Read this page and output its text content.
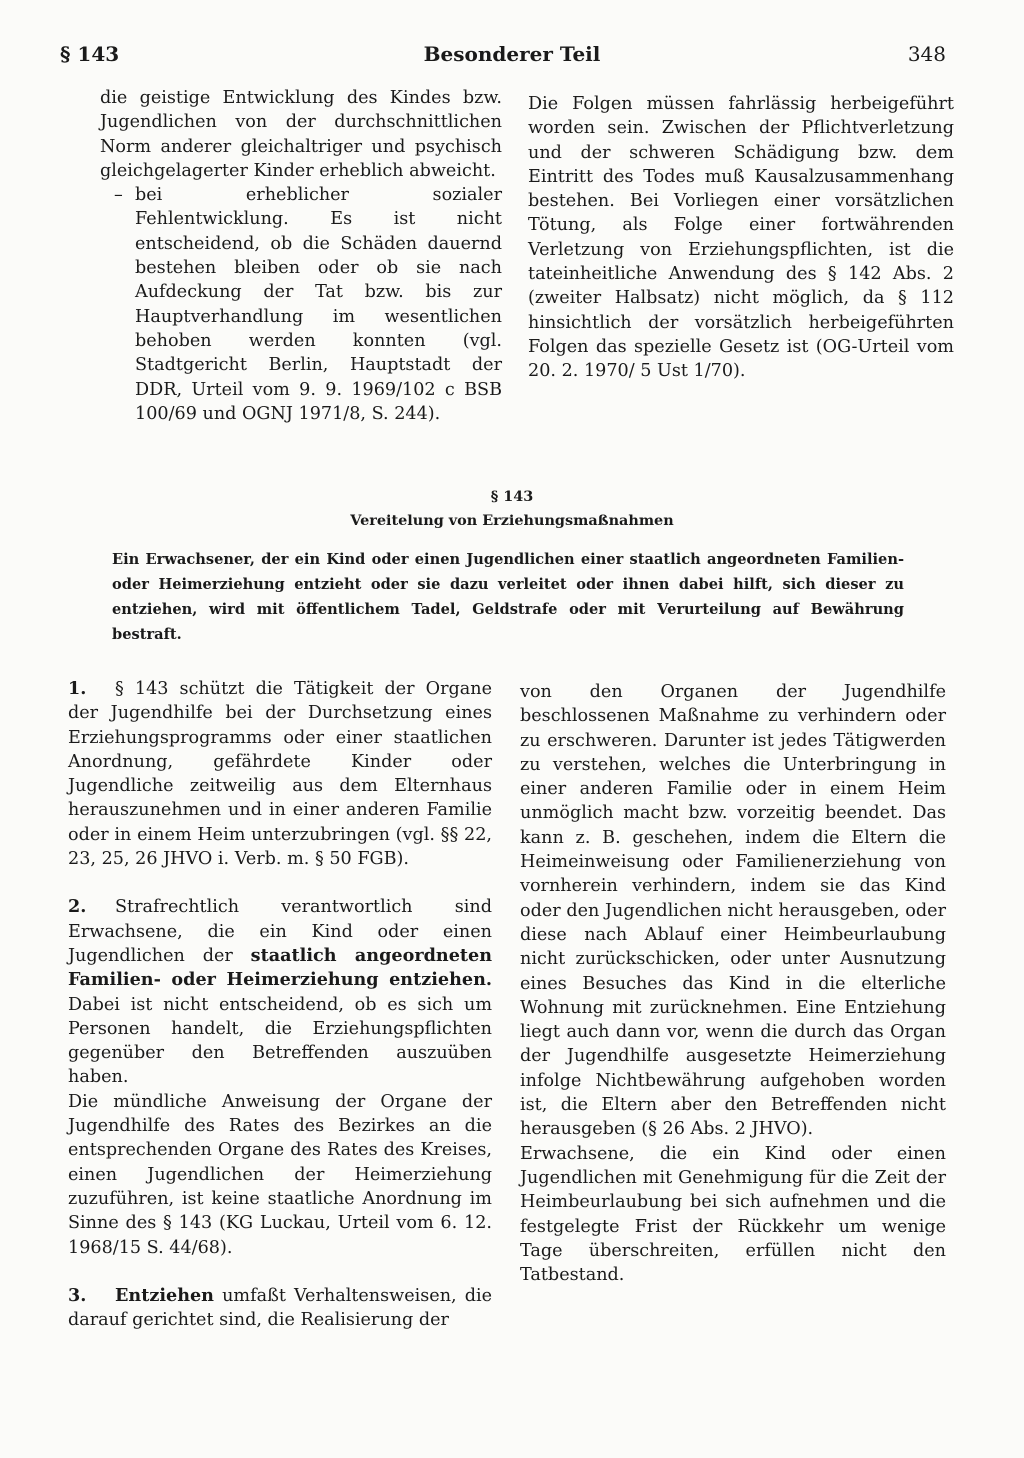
§ 143	Besonderer Teil	348

die geistige Entwicklung des Kindes bzw. Jugendlichen von der durchschnittlichen Norm anderer gleichaltriger und psychisch gleichgelagerter Kinder erheblich abweicht.

– bei erheblicher sozialer Fehlentwicklung. Es ist nicht entscheidend, ob die Schäden dauernd bestehen bleiben oder ob sie nach Aufdeckung der Tat bzw. bis zur Hauptverhandlung im wesentlichen behoben werden konnten (vgl. Stadtgericht Berlin, Hauptstadt der DDR, Urteil vom 9. 9. 1969/102 c BSB 100/69 und OGNJ 1971/8, S. 244).

Die Folgen müssen fahrlässig herbeigeführt worden sein. Zwischen der Pflichtverletzung und der schweren Schädigung bzw. dem Eintritt des Todes muß Kausalzusammenhang bestehen. Bei Vorliegen einer vorsätzlichen Tötung, als Folge einer fortwährenden Verletzung von Erziehungspflichten, ist die tateinheitliche Anwendung des § 142 Abs. 2 (zweiter Halbsatz) nicht möglich, da § 112 hinsichtlich der vorsätzlich herbeigeführten Folgen das spezielle Gesetz ist (OG-Urteil vom 20. 2. 1970/ 5 Ust 1/70).

§ 143
Vereitelung von Erziehungsmaßnahmen
Ein Erwachsener, der ein Kind oder einen Jugendlichen einer staatlich angeordneten Familien- oder Heimerziehung entzieht oder sie dazu verleitet oder ihnen dabei hilft, sich dieser zu entziehen, wird mit öffentlichem Tadel, Geldstrafe oder mit Verurteilung auf Bewährung bestraft.

1. § 143 schützt die Tätigkeit der Organe der Jugendhilfe bei der Durchsetzung eines Erziehungsprogramms oder einer staatlichen Anordnung, gefährdete Kinder oder Jugendliche zeitweilig aus dem Elternhaus herauszunehmen und in einer anderen Familie oder in einem Heim unterzubringen (vgl. §§ 22, 23, 25, 26 JHVO i. Verb. m. § 50 FGB).

2. Strafrechtlich verantwortlich sind Erwachsene, die ein Kind oder einen Jugendlichen der staatlich angeordneten Familien- oder Heimerziehung entziehen. Dabei ist nicht entscheidend, ob es sich um Personen handelt, die Erziehungspflichten gegenüber den Betreffenden auszuüben haben.

Die mündliche Anweisung der Organe der Jugendhilfe des Rates des Bezirkes an die entsprechenden Organe des Rates des Kreises, einen Jugendlichen der Heimerziehung zuzuführen, ist keine staatliche Anordnung im Sinne des § 143 (KG Luckau, Urteil vom 6. 12. 1968/15 S. 44/68).

3. Entziehen umfaßt Verhaltensweisen, die darauf gerichtet sind, die Realisierung der

von den Organen der Jugendhilfe beschlossenen Maßnahme zu verhindern oder zu erschweren. Darunter ist jedes Tätigwerden zu verstehen, welches die Unterbringung in einer anderen Familie oder in einem Heim unmöglich macht bzw. vorzeitig beendet. Das kann z. B. geschehen, indem die Eltern die Heimeinweisung oder Familienerziehung von vornherein verhindern, indem sie das Kind oder den Jugendlichen nicht herausgeben, oder diese nach Ablauf einer Heimbeurlaubung nicht zurückschicken, oder unter Ausnutzung eines Besuches das Kind in die elterliche Wohnung mit zurücknehmen. Eine Entziehung liegt auch dann vor, wenn die durch das Organ der Jugendhilfe ausgesetzte Heimerziehung infolge Nichtbewährung aufgehoben worden ist, die Eltern aber den Betreffenden nicht herausgeben (§ 26 Abs. 2 JHVO).

Erwachsene, die ein Kind oder einen Jugendlichen mit Genehmigung für die Zeit der Heimbeurlaubung bei sich aufnehmen und die festgelegte Frist der Rückkehr um wenige Tage überschreiten, erfüllen nicht den Tatbestand.
